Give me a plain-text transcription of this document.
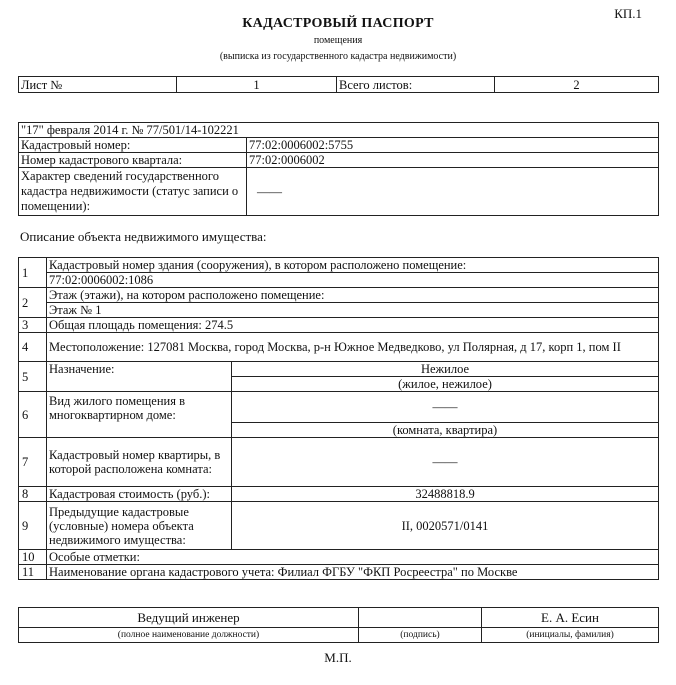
КП.1
КАДАСТРОВЫЙ ПАСПОРТ
помещения
(выписка из государственного кадастра недвижимости)
Лист №	1	Всего листов:	2
"17" февраля 2014 г. № 77/501/14-102221	
Кадастровый номер:	77:02:0006002:5755
Номер кадастрового квартала:	77:02:0006002
Характер сведений государственного кадастра недвижимости (статус записи о помещении):	——
Описание объекта недвижимого имущества:
1	Кадастровый номер здания (сооружения), в котором расположено помещение:	
	77:02:0006002:1086	
2	Этаж (этажи), на котором расположено помещение:	
	Этаж № 1	
3	Общая площадь помещения: 274.5	
4	Местоположение: 127081 Москва, город Москва, р-н Южное Медведково, ул Полярная, д 17, корп 1, пом II	
5	Назначение:	Нежилое
		(жилое, нежилое)
6	Вид жилого помещения в многоквартирном доме:	——
		(комната, квартира)
7	Кадастровый номер квартиры, в которой расположена комната:	——
8	Кадастровая стоимость (руб.):	32488818.9
9	Предыдущие кадастровые (условные) номера объекта недвижимого имущества:	II, 0020571/0141
10	Особые отметки:	
11	Наименование органа кадастрового учета: Филиал ФГБУ "ФКП Росреестра" по Москве	
Ведущий инженер		Е. А. Есин
(полное наименование должности)	(подпись)	(инициалы, фамилия)
М.П.
